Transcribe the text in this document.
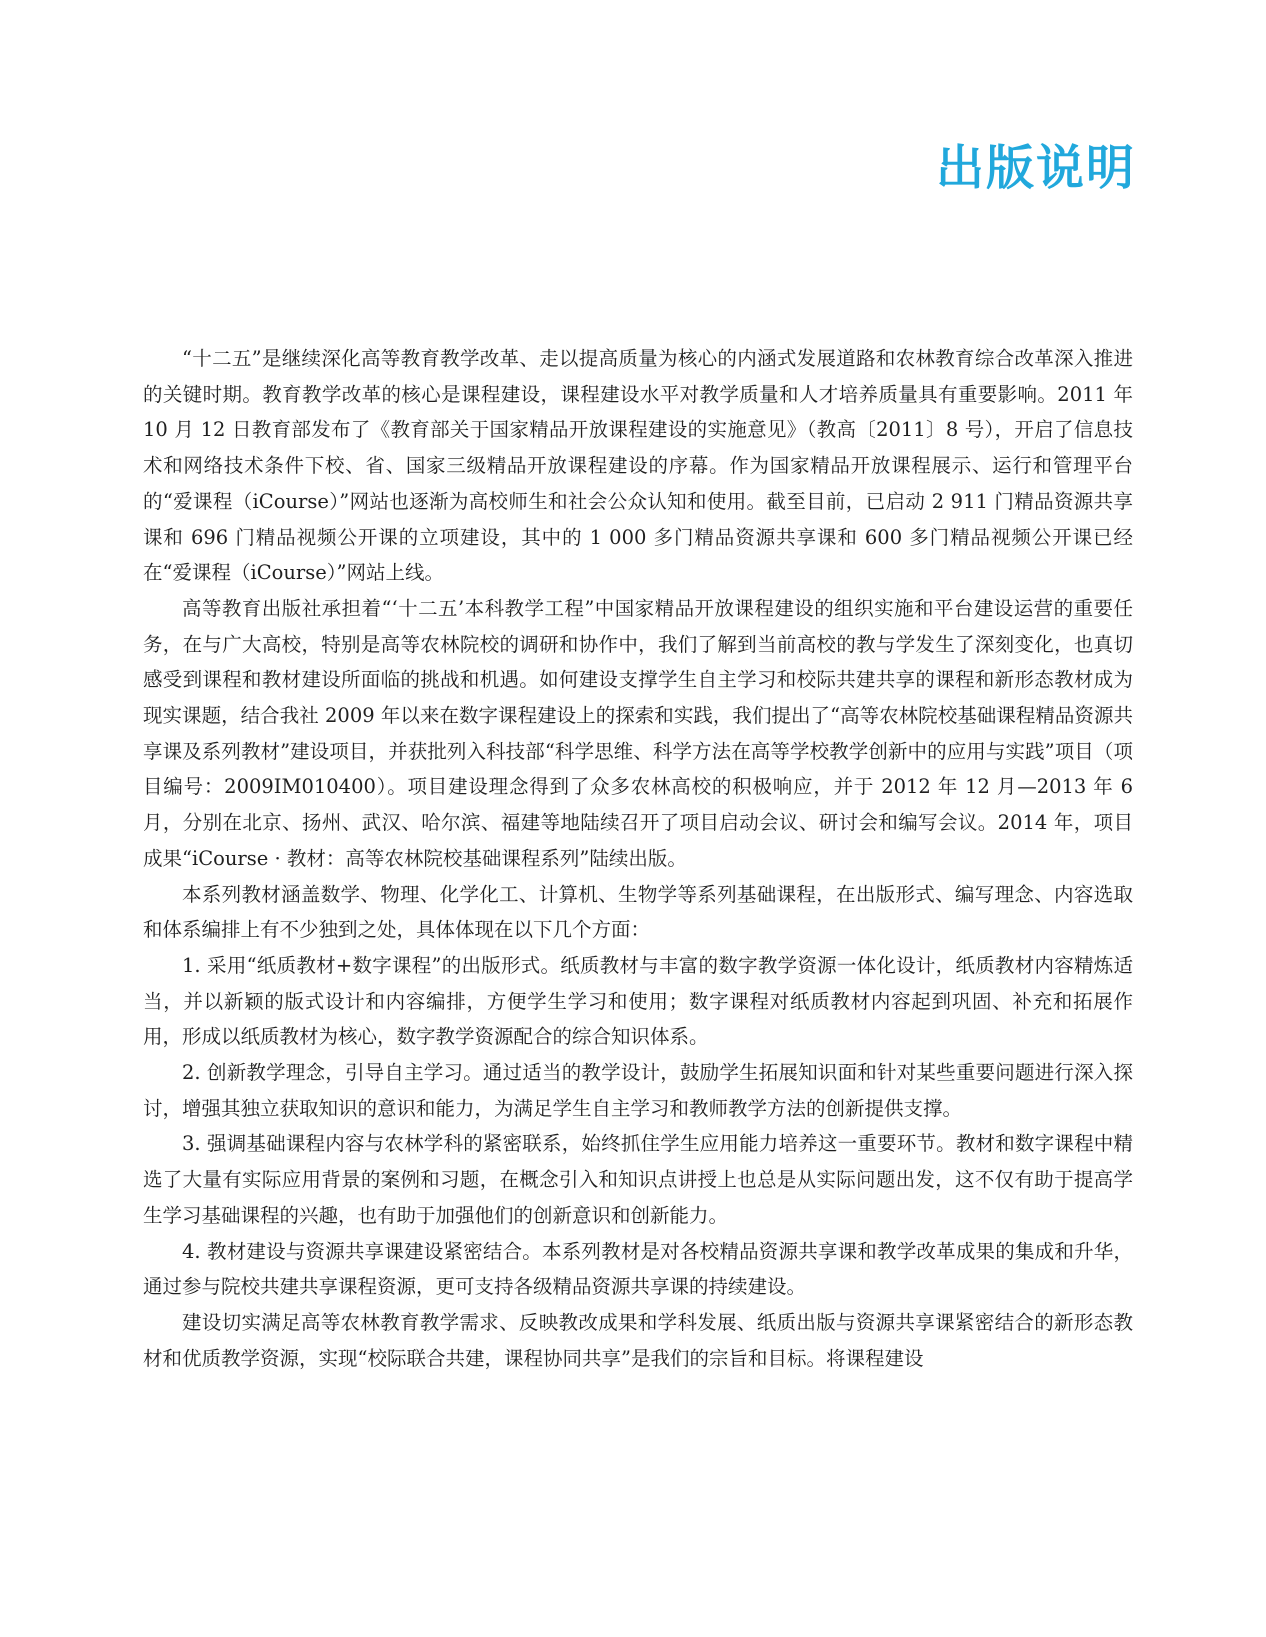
出版说明

“十二五”是继续深化高等教育教学改革、走以提高质量为核心的内涵式发展道路和农林教育综合改革深入推进的关键时期。教育教学改革的核心是课程建设，课程建设水平对教学质量和人才培养质量具有重要影响。2011 年 10 月 12 日教育部发布了《教育部关于国家精品开放课程建设的实施意见》（教高〔2011〕8 号），开启了信息技术和网络技术条件下校、省、国家三级精品开放课程建设的序幕。作为国家精品开放课程展示、运行和管理平台的“爱课程（iCourse）”网站也逐渐为高校师生和社会公众认知和使用。截至目前，已启动 2 911 门精品资源共享课和 696 门精品视频公开课的立项建设，其中的 1 000 多门精品资源共享课和 600 多门精品视频公开课已经在“爱课程（iCourse）”网站上线。

高等教育出版社承担着“‘十二五’本科教学工程”中国家精品开放课程建设的组织实施和平台建设运营的重要任务，在与广大高校，特别是高等农林院校的调研和协作中，我们了解到当前高校的教与学发生了深刻变化，也真切感受到课程和教材建设所面临的挑战和机遇。如何建设支撑学生自主学习和校际共建共享的课程和新形态教材成为现实课题，结合我社 2009 年以来在数字课程建设上的探索和实践，我们提出了“高等农林院校基础课程精品资源共享课及系列教材”建设项目，并获批列入科技部“科学思维、科学方法在高等学校教学创新中的应用与实践”项目（项目编号：2009IM010400）。项目建设理念得到了众多农林高校的积极响应，并于 2012 年 12 月—2013 年 6 月，分别在北京、扬州、武汉、哈尔滨、福建等地陆续召开了项目启动会议、研讨会和编写会议。2014 年，项目成果“iCourse · 教材：高等农林院校基础课程系列”陆续出版。

本系列教材涵盖数学、物理、化学化工、计算机、生物学等系列基础课程，在出版形式、编写理念、内容选取和体系编排上有不少独到之处，具体体现在以下几个方面：

1. 采用“纸质教材+数字课程”的出版形式。纸质教材与丰富的数字教学资源一体化设计，纸质教材内容精炼适当，并以新颖的版式设计和内容编排，方便学生学习和使用；数字课程对纸质教材内容起到巩固、补充和拓展作用，形成以纸质教材为核心，数字教学资源配合的综合知识体系。

2. 创新教学理念，引导自主学习。通过适当的教学设计，鼓励学生拓展知识面和针对某些重要问题进行深入探讨，增强其独立获取知识的意识和能力，为满足学生自主学习和教师教学方法的创新提供支撑。

3. 强调基础课程内容与农林学科的紧密联系，始终抓住学生应用能力培养这一重要环节。教材和数字课程中精选了大量有实际应用背景的案例和习题，在概念引入和知识点讲授上也总是从实际问题出发，这不仅有助于提高学生学习基础课程的兴趣，也有助于加强他们的创新意识和创新能力。

4. 教材建设与资源共享课建设紧密结合。本系列教材是对各校精品资源共享课和教学改革成果的集成和升华，通过参与院校共建共享课程资源，更可支持各级精品资源共享课的持续建设。

建设切实满足高等农林教育教学需求、反映教改成果和学科发展、纸质出版与资源共享课紧密结合的新形态教材和优质教学资源，实现“校际联合共建，课程协同共享”是我们的宗旨和目标。将课程建设
